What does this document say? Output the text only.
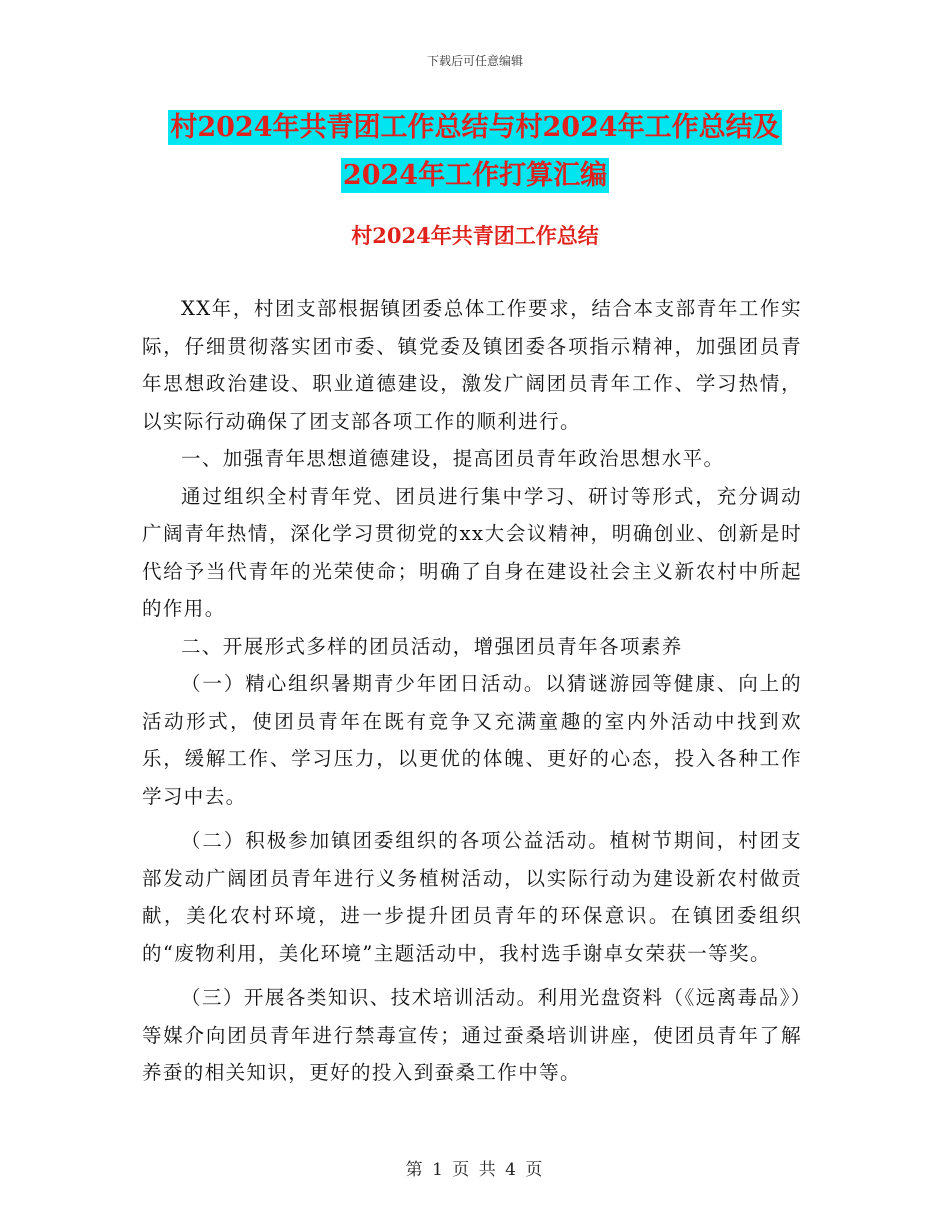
下载后可任意编辑
村2024年共青团工作总结与村2024年工作总结及
2024年工作打算汇编
村2024年共青团工作总结

XX年，村团支部根据镇团委总体工作要求，结合本支部青年工作实际，仔细贯彻落实团市委、镇党委及镇团委各项指示精神，加强团员青年思想政治建设、职业道德建设，激发广阔团员青年工作、学习热情，以实际行动确保了团支部各项工作的顺利进行。

一、加强青年思想道德建设，提高团员青年政治思想水平。

通过组织全村青年党、团员进行集中学习、研讨等形式，充分调动广阔青年热情，深化学习贯彻党的xx大会议精神，明确创业、创新是时代给予当代青年的光荣使命；明确了自身在建设社会主义新农村中所起的作用。

二、开展形式多样的团员活动，增强团员青年各项素养

（一）精心组织暑期青少年团日活动。以猜谜游园等健康、向上的活动形式，使团员青年在既有竞争又充满童趣的室内外活动中找到欢乐，缓解工作、学习压力，以更优的体魄、更好的心态，投入各种工作学习中去。

（二）积极参加镇团委组织的各项公益活动。植树节期间，村团支部发动广阔团员青年进行义务植树活动，以实际行动为建设新农村做贡献，美化农村环境，进一步提升团员青年的环保意识。在镇团委组织的“废物利用，美化环境”主题活动中，我村选手谢卓女荣获一等奖。

（三）开展各类知识、技术培训活动。利用光盘资料（《远离毒品》）等媒介向团员青年进行禁毒宣传；通过蚕桑培训讲座，使团员青年了解养蚕的相关知识，更好的投入到蚕桑工作中等。

第 1 页 共 4 页
